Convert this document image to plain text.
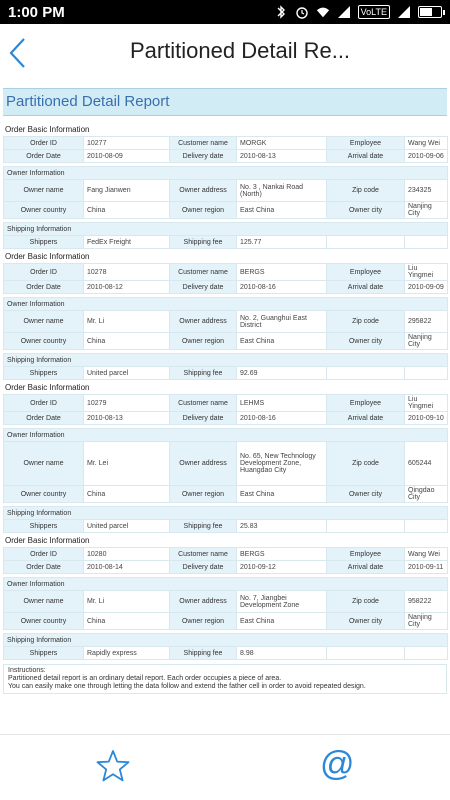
1:00 PM	VoLTE
Partitioned Detail Re...
Partitioned Detail Report
Order Basic Information
Order ID	10277	Customer name	MORGK	Employee	Wang Wei
Order Date	2010-08-09	Delivery date	2010-08-13	Arrival date	2010-09-06
Owner Information					
Owner name	Fang Jianwen	Owner address	No. 3 , Nankai Road (North)	Zip code	234325
Owner country	China	Owner region	East China	Owner city	Nanjing City
Shipping Information
Shippers	FedEx Freight	Shipping fee	125.77		
Order Basic Information
Order ID	10278	Customer name	BERGS	Employee	Liu Yingmei
Order Date	2010-08-12	Delivery date	2010-08-16	Arrival date	2010-09-09
Owner Information					
Owner name	Mr. Li	Owner address	No. 2, Guanghui East District	Zip code	295822
Owner country	China	Owner region	East China	Owner city	Nanjing City
Shipping Information
Shippers	United parcel	Shipping fee	92.69		
Order Basic Information
Order ID	10279	Customer name	LEHMS	Employee	Liu Yingmei
Order Date	2010-08-13	Delivery date	2010-08-16	Arrival date	2010-09-10
Owner Information					
Owner name	Mr. Lei	Owner address	No. 65, New Technology Development Zone, Huangdao City	Zip code	605244
Owner country	China	Owner region	East China	Owner city	Qingdao City
Shipping Information
Shippers	United parcel	Shipping fee	25.83		
Order Basic Information
Order ID	10280	Customer name	BERGS	Employee	Wang Wei
Order Date	2010-08-14	Delivery date	2010-09-12	Arrival date	2010-09-11
Owner Information					
Owner name	Mr. Li	Owner address	No. 7, Jiangbei Development Zone	Zip code	958222
Owner country	China	Owner region	East China	Owner city	Nanjing City
Shipping Information
Shippers	Rapidly express	Shipping fee	8.98		
Instructions:
Partitioned detail report is an ordinary detail report. Each order occupies a piece of area.
You can easily make one through letting the data follow and extend the father cell in order to avoid repeated design.
@
